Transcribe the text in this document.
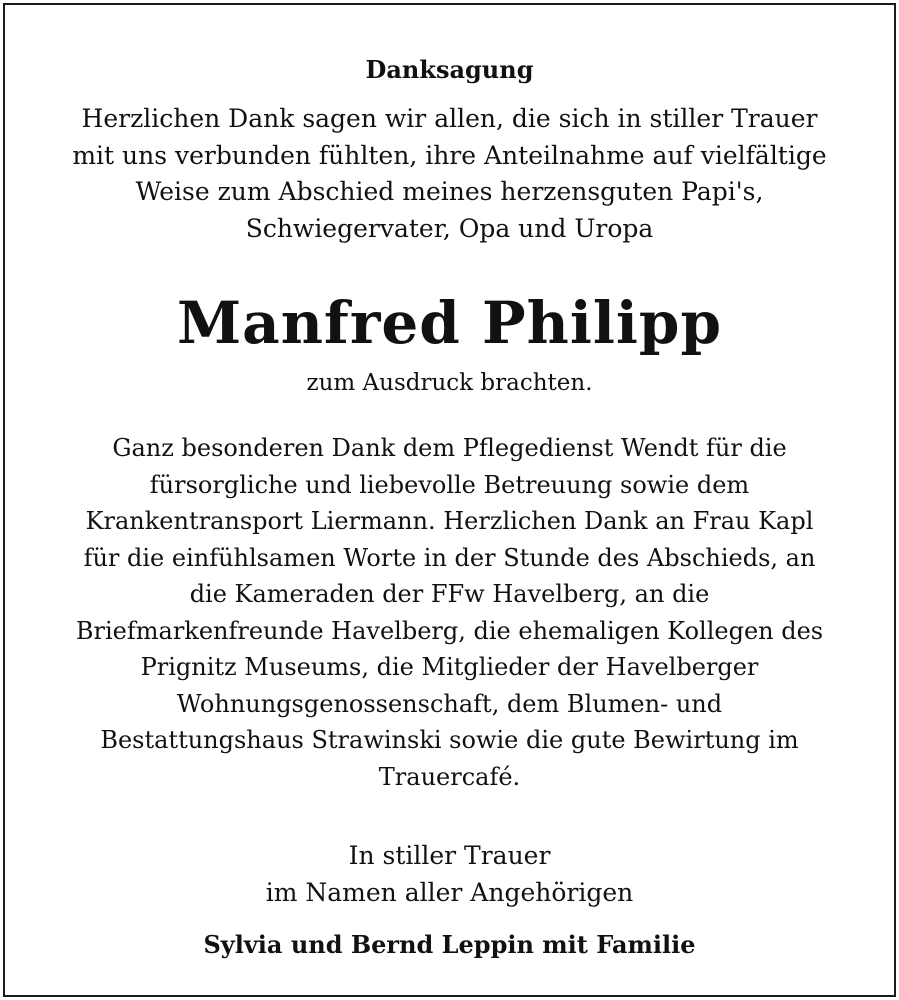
Danksagung
Herzlichen Dank sagen wir allen, die sich in stiller Trauer
mit uns verbunden fühlten, ihre Anteilnahme auf vielfältige
Weise zum Abschied meines herzensguten Papi's,
Schwiegervater, Opa und Uropa
Manfred Philipp
zum Ausdruck brachten.
Ganz besonderen Dank dem Pflegedienst Wendt für die
fürsorgliche und liebevolle Betreuung sowie dem
Krankentransport Liermann. Herzlichen Dank an Frau Kapl
für die einfühlsamen Worte in der Stunde des Abschieds, an
die Kameraden der FFw Havelberg, an die
Briefmarkenfreunde Havelberg, die ehemaligen Kollegen des
Prignitz Museums, die Mitglieder der Havelberger
Wohnungsgenossenschaft, dem Blumen- und
Bestattungshaus Strawinski sowie die gute Bewirtung im
Trauercafé.
In stiller Trauer
im Namen aller Angehörigen
Sylvia und Bernd Leppin mit Familie
